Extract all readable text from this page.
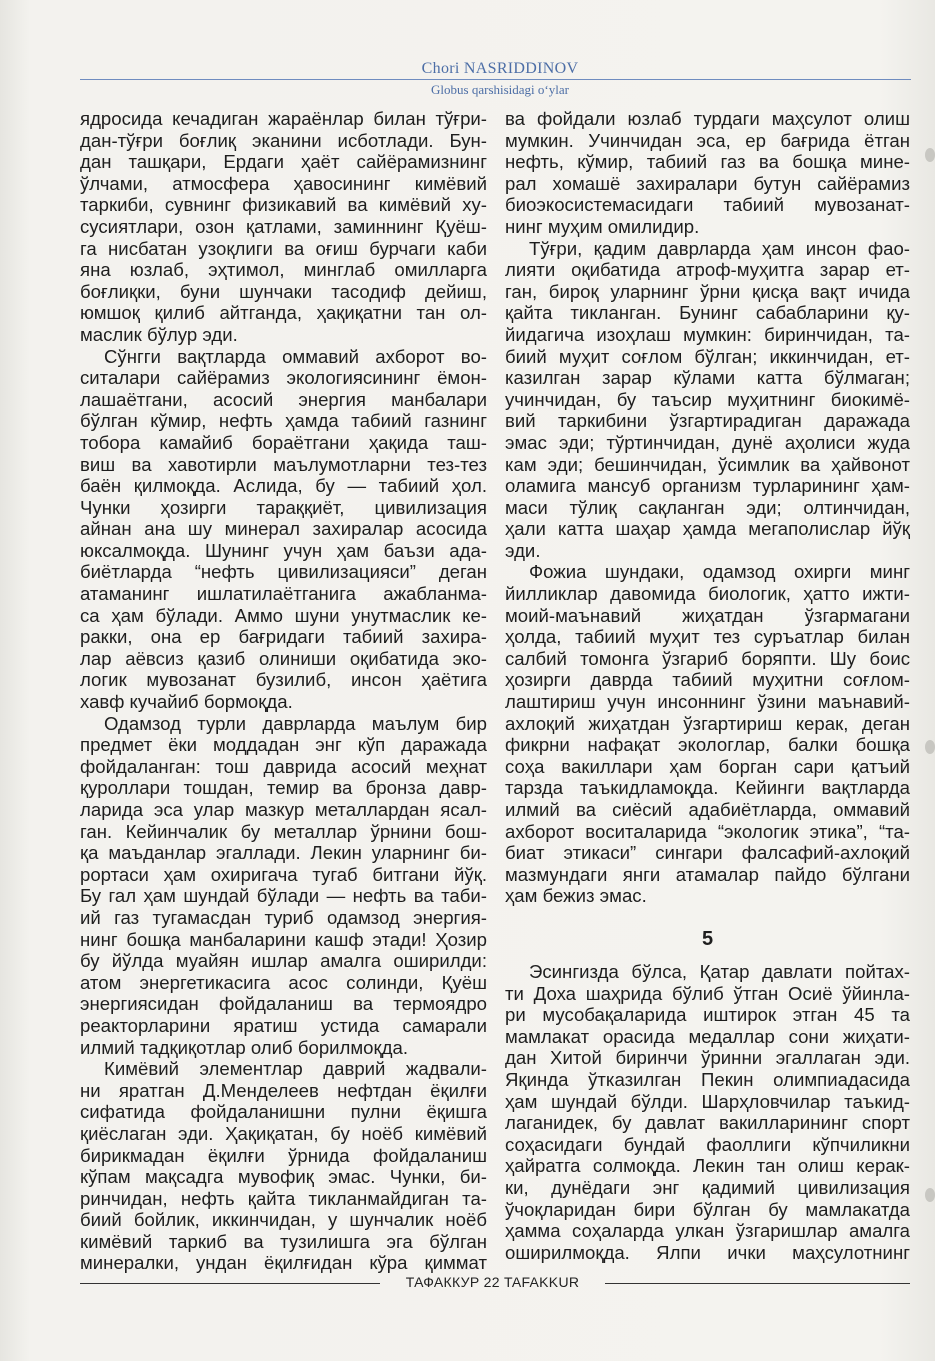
Chori NASRIDDINOV
Globus qarshisidagi o‘ylar
ядросида кечадиган жараёнлар билан тўғри-
дан-тўғри боғлиқ эканини исботлади. Бун-
дан ташқари, Ердаги ҳаёт сайёрамизнинг
ўлчами, атмосфера ҳавосининг кимёвий
таркиби, сувнинг физикавий ва кимёвий ху-
сусиятлари, озон қатлами, заминнинг Қуёш-
га нисбатан узоқлиги ва оғиш бурчаги каби
яна юзлаб, эҳтимол, минглаб омилларга
боғлиқки, буни шунчаки тасодиф дейиш,
юмшоқ қилиб айтганда, ҳақиқатни тан ол-
маслик бўлур эди.
Сўнгги вақтларда оммавий ахборот во-
ситалари сайёрамиз экологиясининг ёмон-
лашаётгани, асосий энергия манбалари
бўлган кўмир, нефть ҳамда табиий газнинг
тобора камайиб бораётгани ҳақида таш-
виш ва хавотирли маълумотларни тез-тез
баён қилмоқда. Аслида, бу — табиий ҳол.
Чунки ҳозирги тараққиёт, цивилизация
айнан ана шу минерал захиралар асосида
юксалмоқда. Шунинг учун ҳам баъзи ада-
биётларда “нефть цивилизацияси” деган
атаманинг ишлатилаётганига ажабланма-
са ҳам бўлади. Аммо шуни унутмаслик ке-
ракки, она ер бағридаги табиий захира-
лар аёвсиз қазиб олиниши оқибатида эко-
логик мувозанат бузилиб, инсон ҳаётига
хавф кучайиб бормоқда.
Одамзод турли даврларда маълум бир
предмет ёки моддадан энг кўп даражада
фойдаланган: тош даврида асосий меҳнат
қуроллари тошдан, темир ва бронза давр-
ларида эса улар мазкур металлардан ясал-
ган. Кейинчалик бу металлар ўрнини бош-
қа маъданлар эгаллади. Лекин уларнинг би-
рортаси ҳам охиригача тугаб битгани йўқ.
Бу гал ҳам шундай бўлади — нефть ва таби-
ий газ тугамасдан туриб одамзод энергия-
нинг бошқа манбаларини кашф этади! Ҳозир
бу йўлда муайян ишлар амалга оширилди:
атом энергетикасига асос солинди, Қуёш
энергиясидан фойдаланиш ва термоядро
реакторларини яратиш устида самарали
илмий тадқиқотлар олиб борилмоқда.
Кимёвий элементлар даврий жадвали-
ни яратган Д.Менделеев нефтдан ёқилғи
сифатида фойдаланишни пулни ёқишга
қиёслаган эди. Ҳақиқатан, бу ноёб кимёвий
бирикмадан ёқилғи ўрнида фойдаланиш
кўпам мақсадга мувофиқ эмас. Чунки, би-
ринчидан, нефть қайта тикланмайдиган та-
биий бойлик, иккинчидан, у шунчалик ноёб
кимёвий таркиб ва тузилишга эга бўлган
минералки, ундан ёқилғидан кўра қиммат
ва фойдали юзлаб турдаги маҳсулот олиш
мумкин. Учинчидан эса, ер бағрида ётган
нефть, кўмир, табиий газ ва бошқа мине-
рал хомашё захиралари бутун сайёрамиз
биоэкосистемасидаги табиий мувозанат-
нинг муҳим омилидир.
Тўғри, қадим даврларда ҳам инсон фао-
лияти оқибатида атроф-муҳитга зарар ет-
ган, бироқ уларнинг ўрни қисқа вақт ичида
қайта тикланган. Бунинг сабабларини қу-
йидагича изоҳлаш мумкин: биринчидан, та-
биий муҳит соғлом бўлган; иккинчидан, ет-
казилган зарар кўлами катта бўлмаган;
учинчидан, бу таъсир муҳитнинг биокимё-
вий таркибини ўзгартирадиган даражада
эмас эди; тўртинчидан, дунё аҳолиси жуда
кам эди; бешинчидан, ўсимлик ва ҳайвонот
оламига мансуб организм турларининг ҳам-
маси тўлиқ сақланган эди; олтинчидан,
ҳали катта шаҳар ҳамда мегаполислар йўқ
эди.
Фожиа шундаки, одамзод охирги минг
йилликлар давомида биологик, ҳатто ижти-
моий-маънавий жиҳатдан ўзгармагани
ҳолда, табиий муҳит тез суръатлар билан
салбий томонга ўзгариб боряпти. Шу боис
ҳозирги даврда табиий муҳитни соғлом-
лаштириш учун инсоннинг ўзини маънавий-
ахлоқий жиҳатдан ўзгартириш керак, деган
фикрни нафақат экологлар, балки бошқа
соҳа вакиллари ҳам борган сари қатъий
тарзда таъкидламоқда. Кейинги вақтларда
илмий ва сиёсий адабиётларда, оммавий
ахборот воситаларида “экологик этика”, “та-
биат этикаси” сингари фалсафий-ахлоқий
мазмундаги янги атамалар пайдо бўлгани
ҳам бежиз эмас.
5
Эсингизда бўлса, Қатар давлати пойтах-
ти Доха шаҳрида бўлиб ўтган Осиё ўйинла-
ри мусобақаларида иштирок этган 45 та
мамлакат орасида медаллар сони жиҳати-
дан Хитой биринчи ўринни эгаллаган эди.
Яқинда ўтказилган Пекин олимпиадасида
ҳам шундай бўлди. Шарҳловчилар таъкид-
лаганидек, бу давлат вакилларининг спорт
соҳасидаги бундай фаоллиги кўпчиликни
ҳайратга солмоқда. Лекин тан олиш керак-
ки, дунёдаги энг қадимий цивилизация
ўчоқларидан бири бўлган бу мамлакатда
ҳамма соҳаларда улкан ўзгаришлар амалга
оширилмоқда. Ялпи ички маҳсулотнинг
ТАФАККУР 22 TAFAKKUR
